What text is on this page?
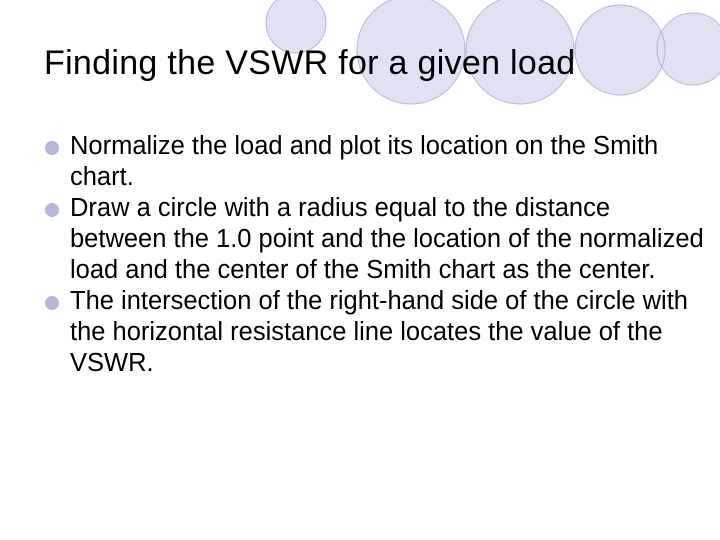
Finding the VSWR for a given load
Normalize the load and plot its location on the Smith chart.
Draw a circle with a radius equal to the distance between the 1.0 point and the location of the normalized load and the center of the Smith chart as the center.
The intersection of the right-hand side of the circle with the horizontal resistance line locates the value of the VSWR.
